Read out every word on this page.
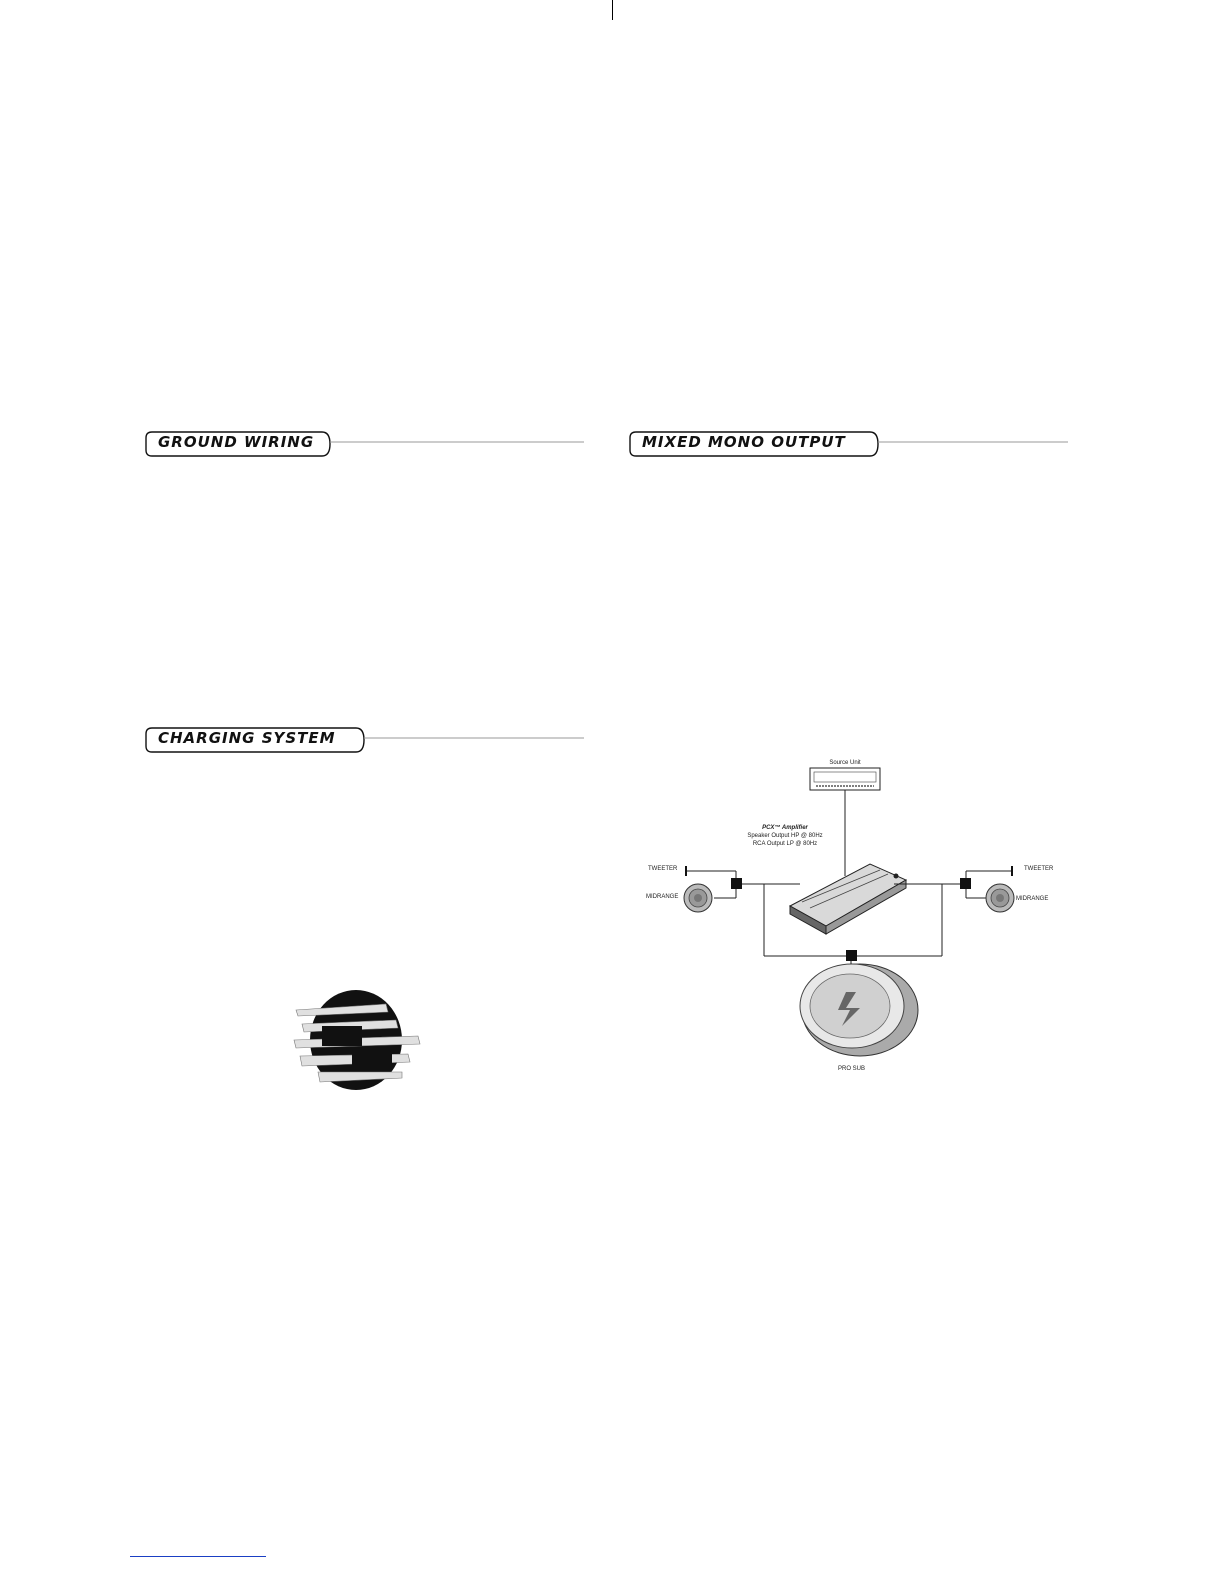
GROUND WIRING
CHARGING SYSTEM
MIXED MONO OUTPUT
Source Unit
PCX™ Amplifier
Speaker Output HP @ 80Hz
RCA Output LP @ 80Hz
TWEETER
MIDRANGE
TWEETER
MIDRANGE
PRO SUB
